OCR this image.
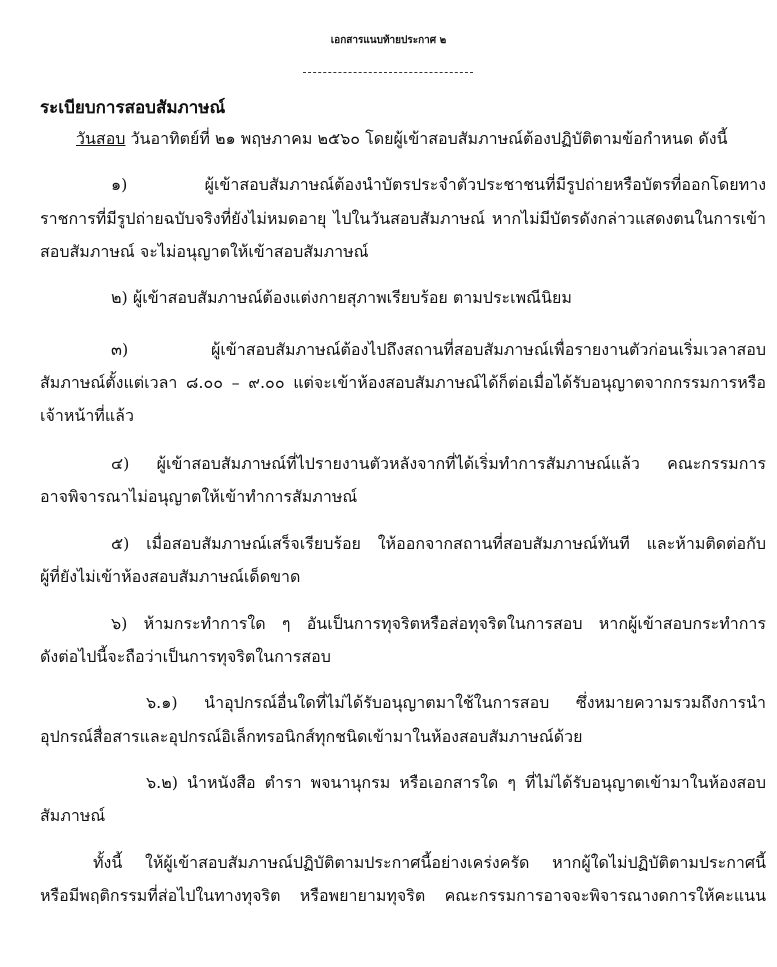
เอกสารแนบท้ายประกาศ ๒
ระเบียบการสอบสัมภาษณ์
วันสอบ วันอาทิตย์ที่ ๒๑ พฤษภาคม ๒๕๖๐ โดยผู้เข้าสอบสัมภาษณ์ต้องปฏิบัติตามข้อกำหนด ดังนี้
๑) ผู้เข้าสอบสัมภาษณ์ต้องนำบัตรประจำตัวประชาชนที่มีรูปถ่ายหรือบัตรที่ออกโดยทาง
ราชการที่มีรูปถ่ายฉบับจริงที่ยังไม่หมดอายุ ไปในวันสอบสัมภาษณ์ หากไม่มีบัตรดังกล่าวแสดงตนในการเข้า
สอบสัมภาษณ์ จะไม่อนุญาตให้เข้าสอบสัมภาษณ์
๒) ผู้เข้าสอบสัมภาษณ์ต้องแต่งกายสุภาพเรียบร้อย ตามประเพณีนิยม
๓) ผู้เข้าสอบสัมภาษณ์ต้องไปถึงสถานที่สอบสัมภาษณ์เพื่อรายงานตัวก่อนเริ่มเวลาสอบ
สัมภาษณ์ตั้งแต่เวลา ๘.๐๐ – ๙.๐๐ แต่จะเข้าห้องสอบสัมภาษณ์ได้ก็ต่อเมื่อได้รับอนุญาตจากกรรมการหรือ
เจ้าหน้าที่แล้ว
๔) ผู้เข้าสอบสัมภาษณ์ที่ไปรายงานตัวหลังจากที่ได้เริ่มทำการสัมภาษณ์แล้ว คณะกรรมการ
อาจพิจารณาไม่อนุญาตให้เข้าทำการสัมภาษณ์
๕) เมื่อสอบสัมภาษณ์เสร็จเรียบร้อย ให้ออกจากสถานที่สอบสัมภาษณ์ทันที และห้ามติดต่อกับ
ผู้ที่ยังไม่เข้าห้องสอบสัมภาษณ์เด็ดขาด
๖) ห้ามกระทำการใด ๆ อันเป็นการทุจริตหรือส่อทุจริตในการสอบ หากผู้เข้าสอบกระทำการ
ดังต่อไปนี้จะถือว่าเป็นการทุจริตในการสอบ
๖.๑) นำอุปกรณ์อื่นใดที่ไม่ได้รับอนุญาตมาใช้ในการสอบ ซึ่งหมายความรวมถึงการนำ
อุปกรณ์สื่อสารและอุปกรณ์อิเล็กทรอนิกส์ทุกชนิดเข้ามาในห้องสอบสัมภาษณ์ด้วย
๖.๒) นำหนังสือ ตำรา พจนานุกรม หรือเอกสารใด ๆ ที่ไม่ได้รับอนุญาตเข้ามาในห้องสอบ
สัมภาษณ์
ทั้งนี้ ให้ผู้เข้าสอบสัมภาษณ์ปฏิบัติตามประกาศนี้อย่างเคร่งครัด หากผู้ใดไม่ปฏิบัติตามประกาศนี้
หรือมีพฤติกรรมที่ส่อไปในทางทุจริต หรือพยายามทุจริต คณะกรรมการอาจจะพิจารณางดการให้คะแนน
